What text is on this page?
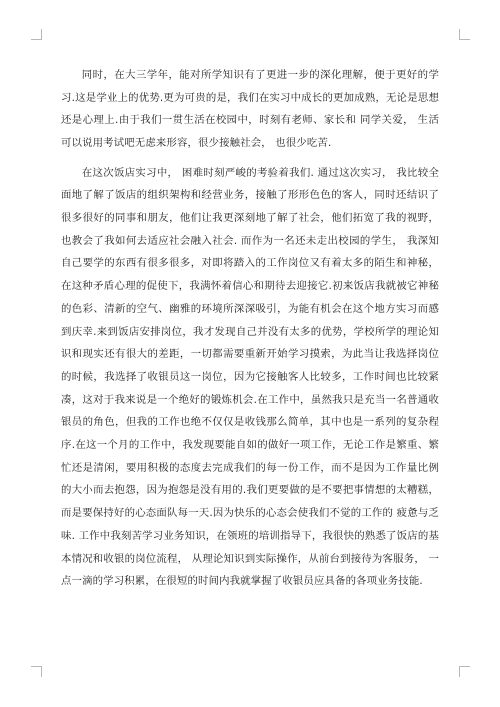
同时，在大三学年，能对所学知识有了更进一步的深化理解，便于更好的学习.这是学业上的优势.更为可贵的是，我们在实习中成长的更加成熟，无论是思想还是心理上.由于我们一贯生活在校园中，时刻有老师、家长和 同学关爱， 生活可以说用考试吧无虑来形容，很少接触社会， 也很少吃苦.

在这次饭店实习中， 困难时刻严峻的考验着我们. 通过这次实习， 我比较全面地了解了饭店的组织架构和经营业务，接触了形形色色的客人，同时还结识了很多很好的同事和朋友，他们让我更深刻地了解了社会，他们拓宽了我的视野，也教会了我如何去适应社会融入社会. 而作为一名还未走出校园的学生， 我深知自己要学的东西有很多很多，对即将踏入的工作岗位又有着太多的陌生和神秘，在这种矛盾心理的促使下，我满怀着信心和期待去迎接它.初来饭店我就被它神秘的色彩、清新的空气、幽雅的环境所深深吸引，为能有机会在这个地方实习而感到庆幸.来到饭店安排岗位，我才发现自己并没有太多的优势，学校所学的理论知识和现实还有很大的差距，一切都需要重新开始学习摸索，为此当让我选择岗位的时候，我选择了收银员这一岗位，因为它接触客人比较多，工作时间也比较紧凑，这对于我来说是一个绝好的锻炼机会.在工作中，虽然我只是充当一名普通收银员的角色，但我的工作也绝不仅仅是收钱那么简单，其中也是一系列的复杂程序.在这一个月的工作中，我发现要能自如的做好一项工作，无论工作是繁重、繁忙还是清闲，要用积极的态度去完成我们的每一份工作，而不是因为工作量比例的大小而去抱怨，因为抱怨是没有用的.我们更要做的是不要把事情想的太糟糕， 而是要保持好的心态面队每一天.因为快乐的心态会使我们不觉的工作的 疲惫与乏味. 工作中我刻苦学习业务知识，在领班的培训指导下，我很快的熟悉了饭店的基本情况和收银的岗位流程， 从理论知识到实际操作，从前台到接待为客服务， 一点一滴的学习积累，在很短的时间内我就掌握了收银员应具备的各项业务技能.
